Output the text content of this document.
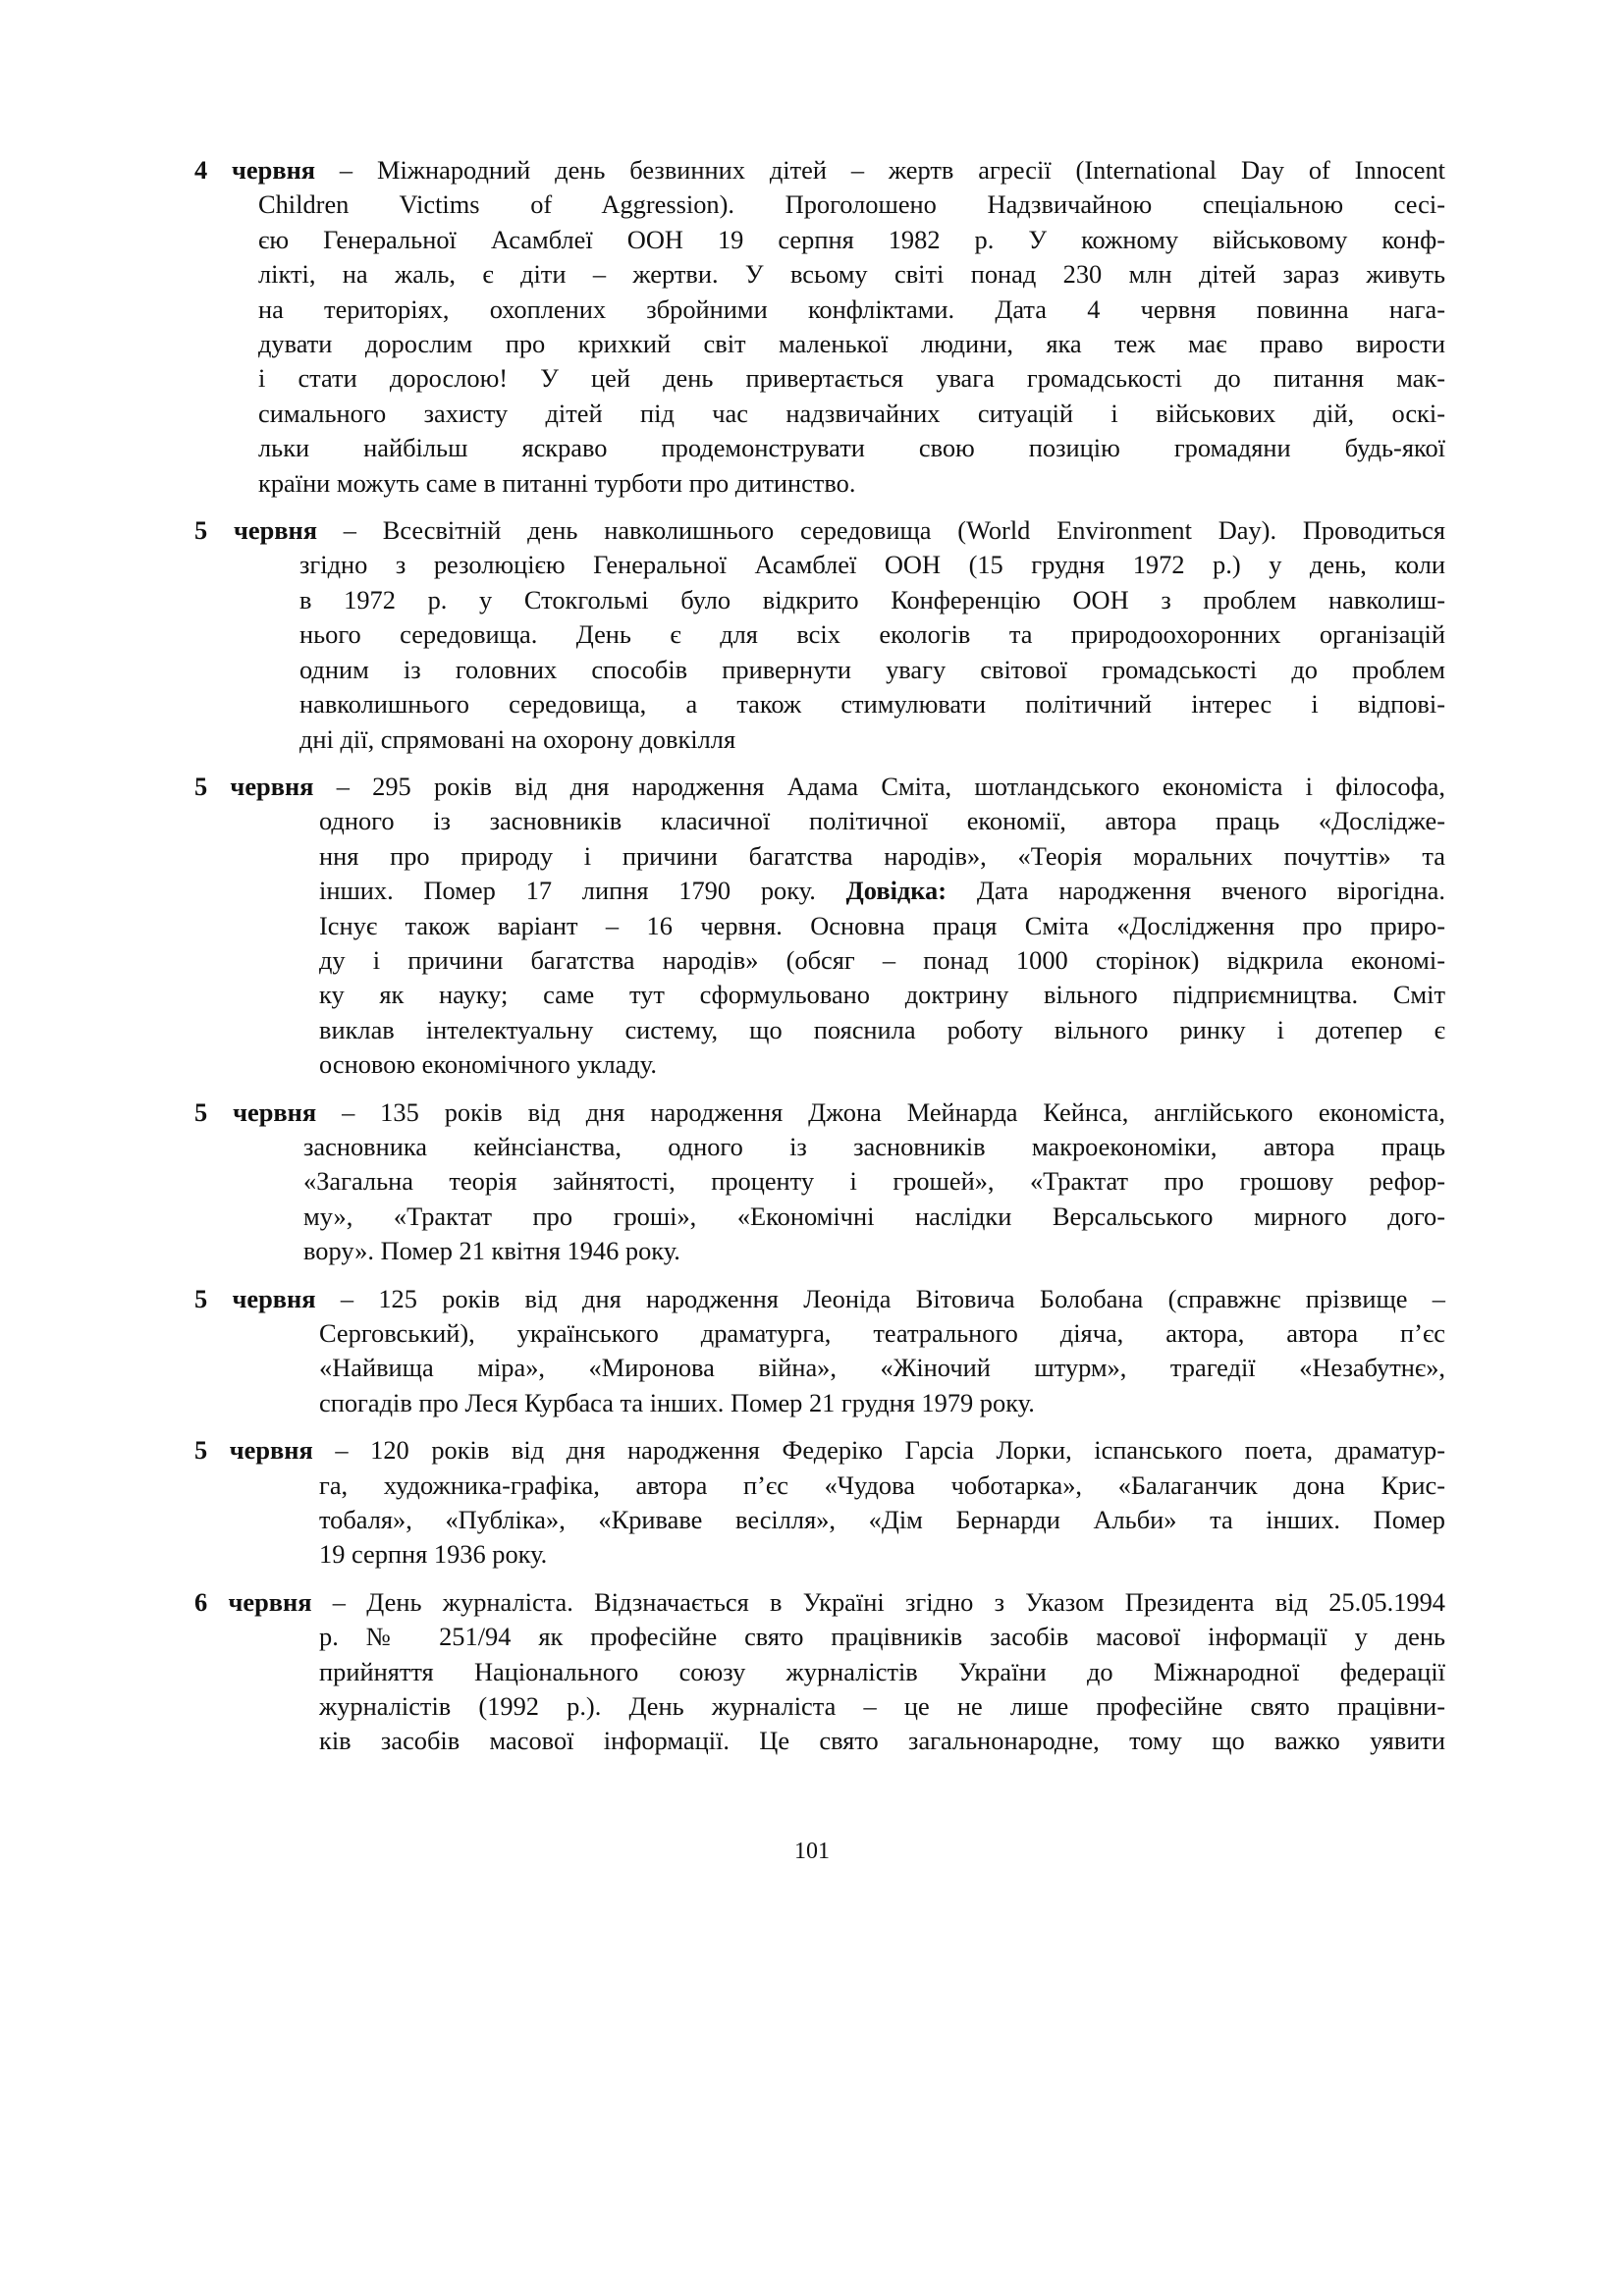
4 червня – Міжнародний день безвинних дітей – жертв агресії (International Day of Innocent
Children Victims of Aggression). Проголошено Надзвичайною спеціальною сесі-
єю Генеральної Асамблеї ООН 19 серпня 1982 р. У кожному військовому конф-
лікті, на жаль, є діти – жертви. У всьому світі понад 230 млн дітей зараз живуть
на територіях, охоплених збройними конфліктами. Дата 4 червня повинна нага-
дувати дорослим про крихкий світ маленької людини, яка теж має право вирости
і стати дорослою! У цей день привертається увага громадськості до питання мак-
симального захисту дітей під час надзвичайних ситуацій і військових дій, оскі-
льки найбільш яскраво продемонструвати свою позицію громадяни будь-якої
країни можуть саме в питанні турботи про дитинство.
5 червня – Всесвітній день навколишнього середовища (World Environment Day). Проводиться
згідно з резолюцією Генеральної Асамблеї ООН (15 грудня 1972 р.) у день, коли
в 1972 р. у Стокгольмі було відкрито Конференцію ООН з проблем навколиш-
нього середовища. День є для всіх екологів та природоохоронних організацій
одним із головних способів привернути увагу світової громадськості до проблем
навколишнього середовища, а також стимулювати політичний інтерес і відпові-
дні дії, спрямовані на охорону довкілля
5 червня – 295 років від дня народження Адама Сміта, шотландського економіста і філософа,
одного із засновників класичної політичної економії, автора праць «Дослідже-
ння про природу і причини багатства народів», «Теорія моральних почуттів» та
інших. Помер 17 липня 1790 року. Довідка: Дата народження вченого вірогідна.
Існує також варіант – 16 червня. Основна праця Сміта «Дослідження про приро-
ду і причини багатства народів» (обсяг – понад 1000 сторінок) відкрила економі-
ку як науку; саме тут сформульовано доктрину вільного підприємництва. Сміт
виклав інтелектуальну систему, що пояснила роботу вільного ринку і дотепер є
основою економічного укладу.
5 червня – 135 років від дня народження Джона Мейнарда Кейнса, англійського економіста,
засновника кейнсіанства, одного із засновників макроекономіки, автора праць
«Загальна теорія зайнятості, проценту і грошей», «Трактат про грошову рефор-
му», «Трактат про гроші», «Економічні наслідки Версальського мирного дого-
вору». Помер 21 квітня 1946 року.
5 червня – 125 років від дня народження Леоніда Вітовича Болобана (справжнє прізвище –
Серговський), українського драматурга, театрального діяча, актора, автора п’єс
«Найвища міра», «Миронова війна», «Жіночий штурм», трагедії «Незабутнє»,
спогадів про Леся Курбаса та інших. Помер 21 грудня 1979 року.
5 червня – 120 років від дня народження Федеріко Гарсіа Лорки, іспанського поета, драматур-
га, художника-графіка, автора п’єс «Чудова чоботарка», «Балаганчик дона Крис-
тобаля», «Публіка», «Криваве весілля», «Дім Бернарди Альби» та інших. Помер
19 серпня 1936 року.
6 червня – День журналіста. Відзначається в Україні згідно з Указом Президента від 25.05.1994
р. № 251/94 як професійне свято працівників засобів масової інформації у день
прийняття Національного союзу журналістів України до Міжнародної федерації
журналістів (1992 р.). День журналіста – це не лише професійне свято працівни-
ків засобів масової інформації. Це свято загальнонародне, тому що важко уявити
101
